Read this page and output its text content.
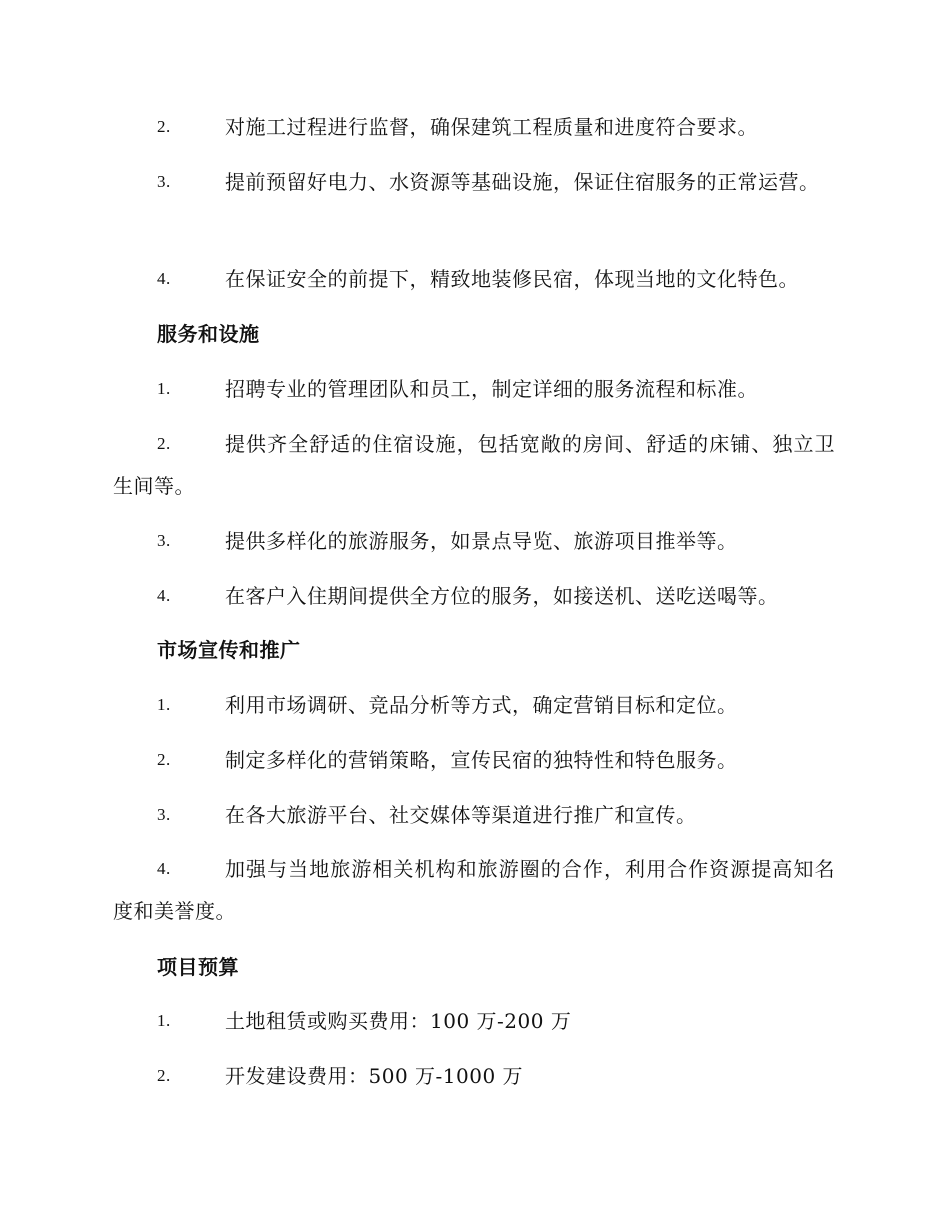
2.	对施工过程进行监督，确保建筑工程质量和进度符合要求。
3.	提前预留好电力、水资源等基础设施，保证住宿服务的正常运营。
4.	在保证安全的前提下，精致地装修民宿，体现当地的文化特色。
服务和设施
1.	招聘专业的管理团队和员工，制定详细的服务流程和标准。
2.	提供齐全舒适的住宿设施，包括宽敞的房间、舒适的床铺、独立卫生间等。
3.	提供多样化的旅游服务，如景点导览、旅游项目推举等。
4.	在客户入住期间提供全方位的服务，如接送机、送吃送喝等。
市场宣传和推广
1.	利用市场调研、竞品分析等方式，确定营销目标和定位。
2.	制定多样化的营销策略，宣传民宿的独特性和特色服务。
3.	在各大旅游平台、社交媒体等渠道进行推广和宣传。
4.	加强与当地旅游相关机构和旅游圈的合作，利用合作资源提高知名度和美誉度。
项目预算
1.	土地租赁或购买费用：100 万-200 万
2.	开发建设费用：500 万-1000 万
